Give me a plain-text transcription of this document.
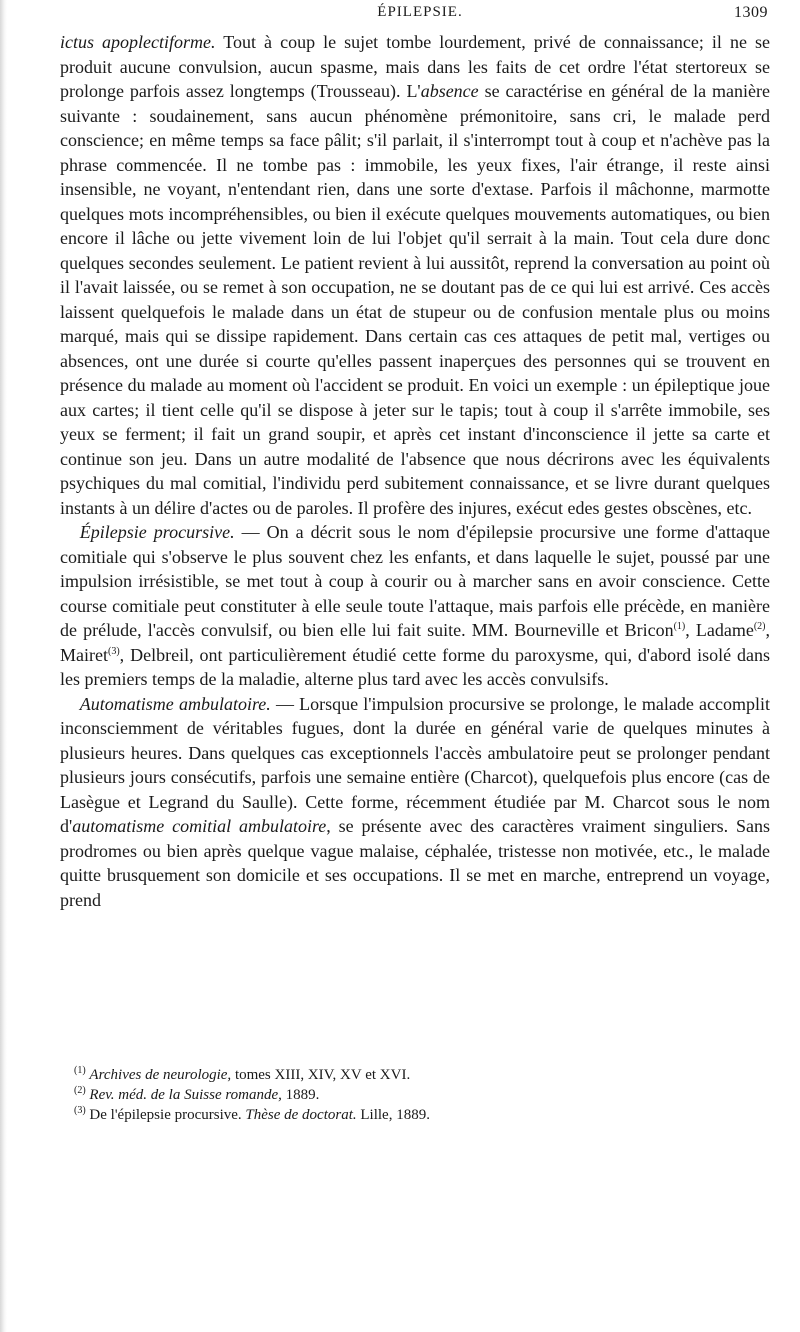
ÉPILEPSIE.	1309

ictus apoplectiforme. Tout à coup le sujet tombe lourdement, privé de connaissance; il ne se produit aucune convulsion, aucun spasme, mais dans les faits de cet ordre l'état stertoreux se prolonge parfois assez longtemps (Trousseau). L'absence se caractérise en général de la manière suivante : soudainement, sans aucun phénomène prémonitoire, sans cri, le malade perd conscience; en même temps sa face pâlit; s'il parlait, il s'interrompt tout à coup et n'achève pas la phrase commencée. Il ne tombe pas : immobile, les yeux fixes, l'air étrange, il reste ainsi insensible, ne voyant, n'entendant rien, dans une sorte d'extase. Parfois il mâchonne, marmotte quelques mots incompréhensibles, ou bien il exécute quelques mouvements automatiques, ou bien encore il lâche ou jette vivement loin de lui l'objet qu'il serrait à la main. Tout cela dure donc quelques secondes seulement. Le patient revient à lui aussitôt, reprend la conversation au point où il l'avait laissée, ou se remet à son occupation, ne se doutant pas de ce qui lui est arrivé. Ces accès laissent quelquefois le malade dans un état de stupeur ou de confusion mentale plus ou moins marqué, mais qui se dissipe rapidement. Dans certain cas ces attaques de petit mal, vertiges ou absences, ont une durée si courte qu'elles passent inaperçues des personnes qui se trouvent en présence du malade au moment où l'accident se produit. En voici un exemple : un épileptique joue aux cartes; il tient celle qu'il se dispose à jeter sur le tapis; tout à coup il s'arrête immobile, ses yeux se ferment; il fait un grand soupir, et après cet instant d'inconscience il jette sa carte et continue son jeu. Dans un autre modalité de l'absence que nous décrirons avec les équivalents psychiques du mal comitial, l'individu perd subitement connaissance, et se livre durant quelques instants à un délire d'actes ou de paroles. Il profère des injures, exécut edes gestes obscènes, etc.

Épilepsie procursive. — On a décrit sous le nom d'épilepsie procursive une forme d'attaque comitiale qui s'observe le plus souvent chez les enfants, et dans laquelle le sujet, poussé par une impulsion irrésistible, se met tout à coup à courir ou à marcher sans en avoir conscience. Cette course comitiale peut constituter à elle seule toute l'attaque, mais parfois elle précède, en manière de prélude, l'accès convulsif, ou bien elle lui fait suite. MM. Bourneville et Bricon$^{(1)}$, Ladame$^{(2)}$, Mairet$^{(3)}$, Delbreil, ont particulièrement étudié cette forme du paroxysme, qui, d'abord isolé dans les premiers temps de la maladie, alterne plus tard avec les accès convulsifs.

Automatisme ambulatoire. — Lorsque l'impulsion procursive se prolonge, le malade accomplit inconsciemment de véritables fugues, dont la durée en général varie de quelques minutes à plusieurs heures. Dans quelques cas exceptionnels l'accès ambulatoire peut se prolonger pendant plusieurs jours consécutifs, parfois une semaine entière (Charcot), quelquefois plus encore (cas de Lasègue et Legrand du Saulle). Cette forme, récemment étudiée par M. Charcot sous le nom d'automatisme comitial ambulatoire, se présente avec des caractères vraiment singuliers. Sans prodromes ou bien après quelque vague malaise, céphalée, tristesse non motivée, etc., le malade quitte brusquement son domicile et ses occupations. Il se met en marche, entreprend un voyage, prend

$^{(1)}$ Archives de neurologie, tomes XIII, XIV, XV et XVI.
$^{(2)}$ Rev. méd. de la Suisse romande, 1889.
$^{(3)}$ De l'épilepsie procursive. Thèse de doctorat. Lille, 1889.
